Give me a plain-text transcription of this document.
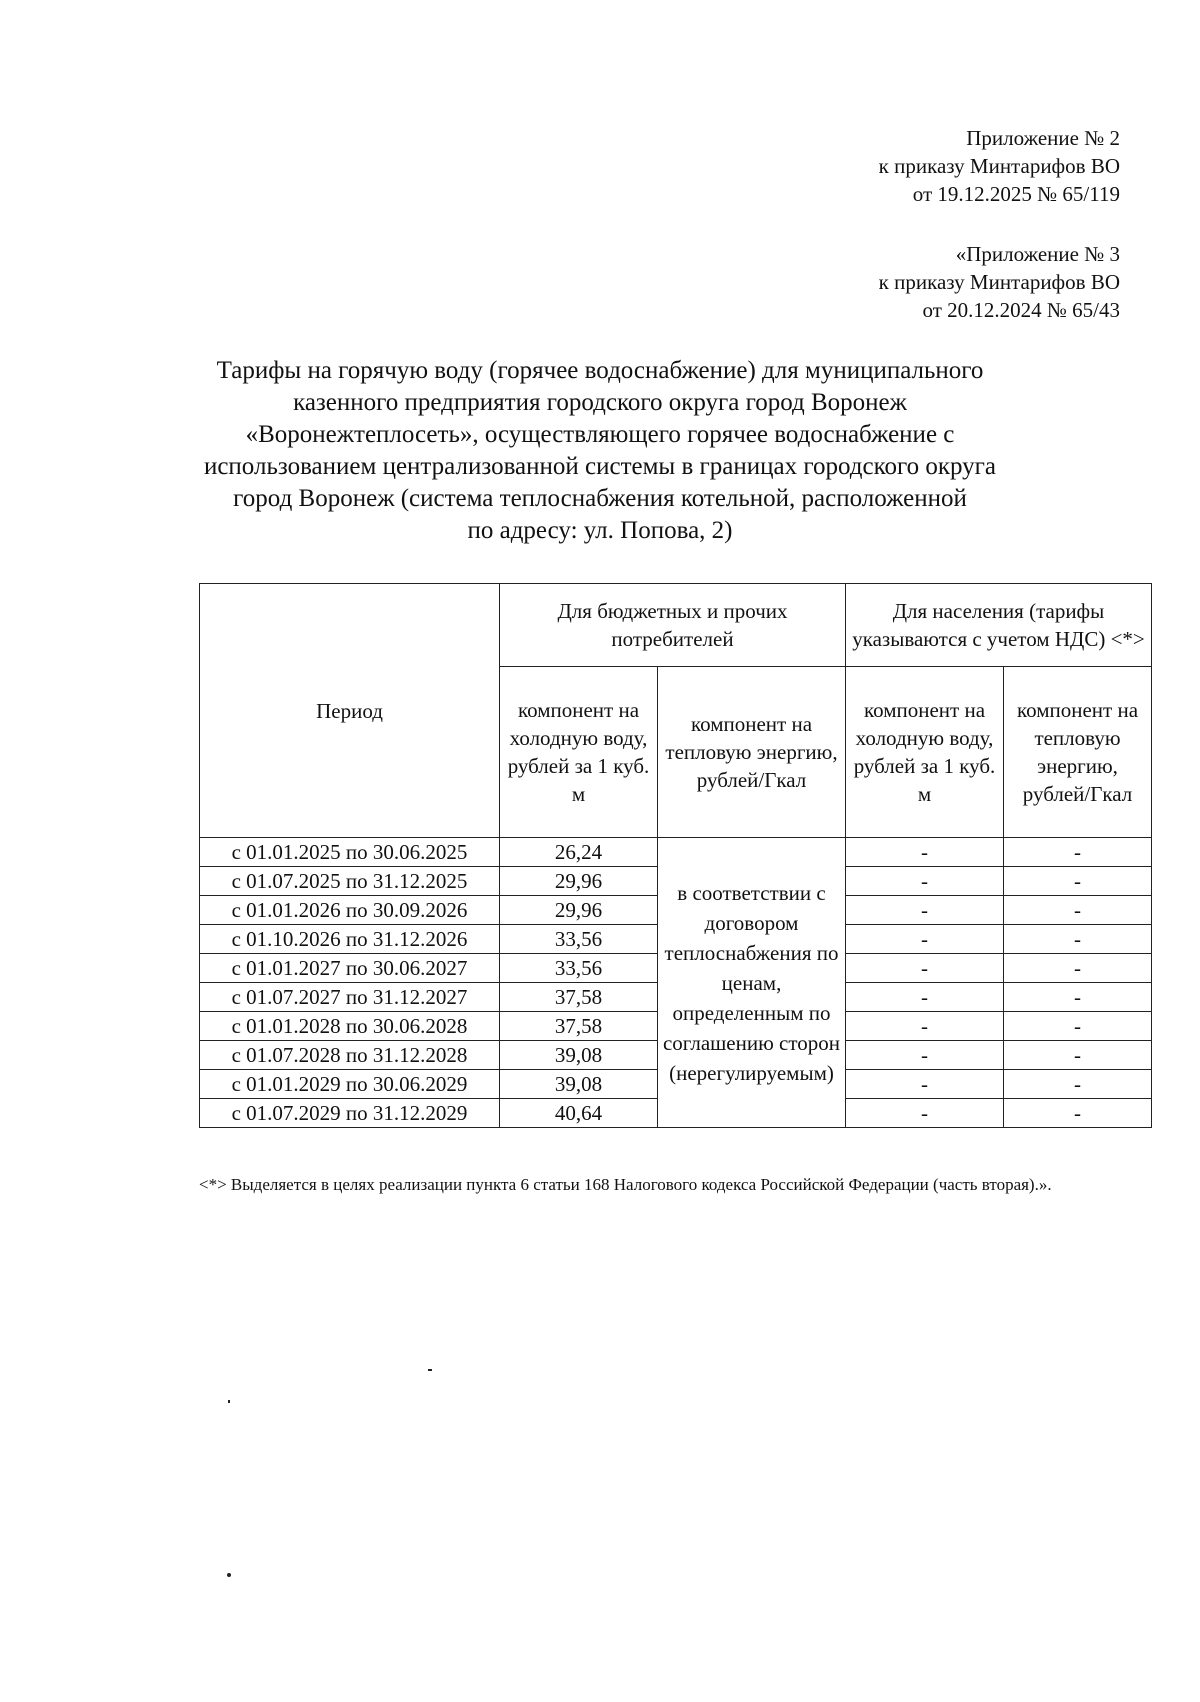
Приложение № 2
к приказу Минтарифов ВО
от 19.12.2025 № 65/119
«Приложение № 3
к приказу Минтарифов ВО
от 20.12.2024 № 65/43
Тарифы на горячую воду (горячее водоснабжение) для муниципального
казенного предприятия городского округа город Воронеж
«Воронежтеплосеть», осуществляющего горячее водоснабжение с
использованием централизованной системы в границах городского округа
город Воронеж (система теплоснабжения котельной, расположенной
по адресу: ул. Попова, 2)
Период	Для бюджетных и прочих потребителей		Для населения (тарифы указываются с учетом НДС) <*>	
	компонент на холодную воду, рублей за 1 куб. м	компонент на тепловую энергию, рублей/Гкал	компонент на холодную воду, рублей за 1 куб. м	компонент на тепловую энергию, рублей/Гкал
с 01.01.2025 по 30.06.2025	26,24	в соответствии с договором теплоснабжения по ценам, определенным по соглашению сторон (нерегулируемым)	-	-
с 01.07.2025 по 31.12.2025	29,96		-	-
с 01.01.2026 по 30.09.2026	29,96		-	-
с 01.10.2026 по 31.12.2026	33,56		-	-
с 01.01.2027 по 30.06.2027	33,56		-	-
с 01.07.2027 по 31.12.2027	37,58		-	-
с 01.01.2028 по 30.06.2028	37,58		-	-
с 01.07.2028 по 31.12.2028	39,08		-	-
с 01.01.2029 по 30.06.2029	39,08		-	-
с 01.07.2029 по 31.12.2029	40,64		-	-
<*> Выделяется в целях реализации пункта 6 статьи 168 Налогового кодекса Российской Федерации (часть вторая).».
